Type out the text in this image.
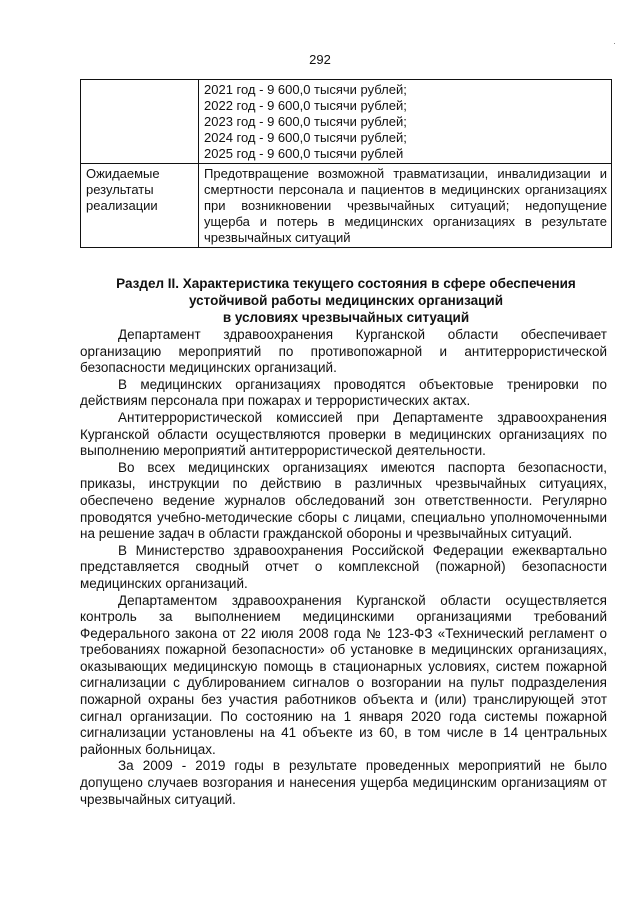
292
·

	2021 год - 9 600,0 тысячи рублей;
2022 год - 9 600,0 тысячи рублей;
2023 год - 9 600,0 тысячи рублей;
2024 год - 9 600,0 тысячи рублей;
2025 год - 9 600,0 тысячи рублей

Ожидаемые результаты реализации	Предотвращение возможной травматизации, инвалидизации и смертности персонала и пациентов в медицинских организациях при возникновении чрезвычайных ситуаций; недопущение ущерба и потерь в медицинских организациях в результате чрезвычайных ситуаций
Раздел II. Характеристика текущего состояния в сфере обеспечения
устойчивой работы медицинских организаций
в условиях чрезвычайных ситуаций

Департамент здравоохранения Курганской области обеспечивает организацию мероприятий по противопожарной и антитеррористической безопасности медицинских организаций.

В медицинских организациях проводятся объектовые тренировки по действиям персонала при пожарах и террористических актах.

Антитеррористической комиссией при Департаменте здравоохранения Курганской области осуществляются проверки в медицинских организациях по выполнению мероприятий антитеррористической деятельности.

Во всех медицинских организациях имеются паспорта безопасности, приказы, инструкции по действию в различных чрезвычайных ситуациях, обеспечено ведение журналов обследований зон ответственности. Регулярно проводятся учебно-методические сборы с лицами, специально уполномоченными на решение задач в области гражданской обороны и чрезвычайных ситуаций.

В Министерство здравоохранения Российской Федерации ежеквартально представляется сводный отчет о комплексной (пожарной) безопасности медицинских организаций.

Департаментом здравоохранения Курганской области осуществляется контроль за выполнением медицинскими организациями требований Федерального закона от 22 июля 2008 года № 123-ФЗ «Технический регламент о требованиях пожарной безопасности» об установке в медицинских организациях, оказывающих медицинскую помощь в стационарных условиях, систем пожарной сигнализации с дублированием сигналов о возгорании на пульт подразделения пожарной охраны без участия работников объекта и (или) транслирующей этот сигнал организации. По состоянию на 1 января 2020 года системы пожарной сигнализации установлены на 41 объекте из 60, в том числе в 14 центральных районных больницах.

За 2009 - 2019 годы в результате проведенных мероприятий не было допущено случаев возгорания и нанесения ущерба медицинским организациям от чрезвычайных ситуаций.
